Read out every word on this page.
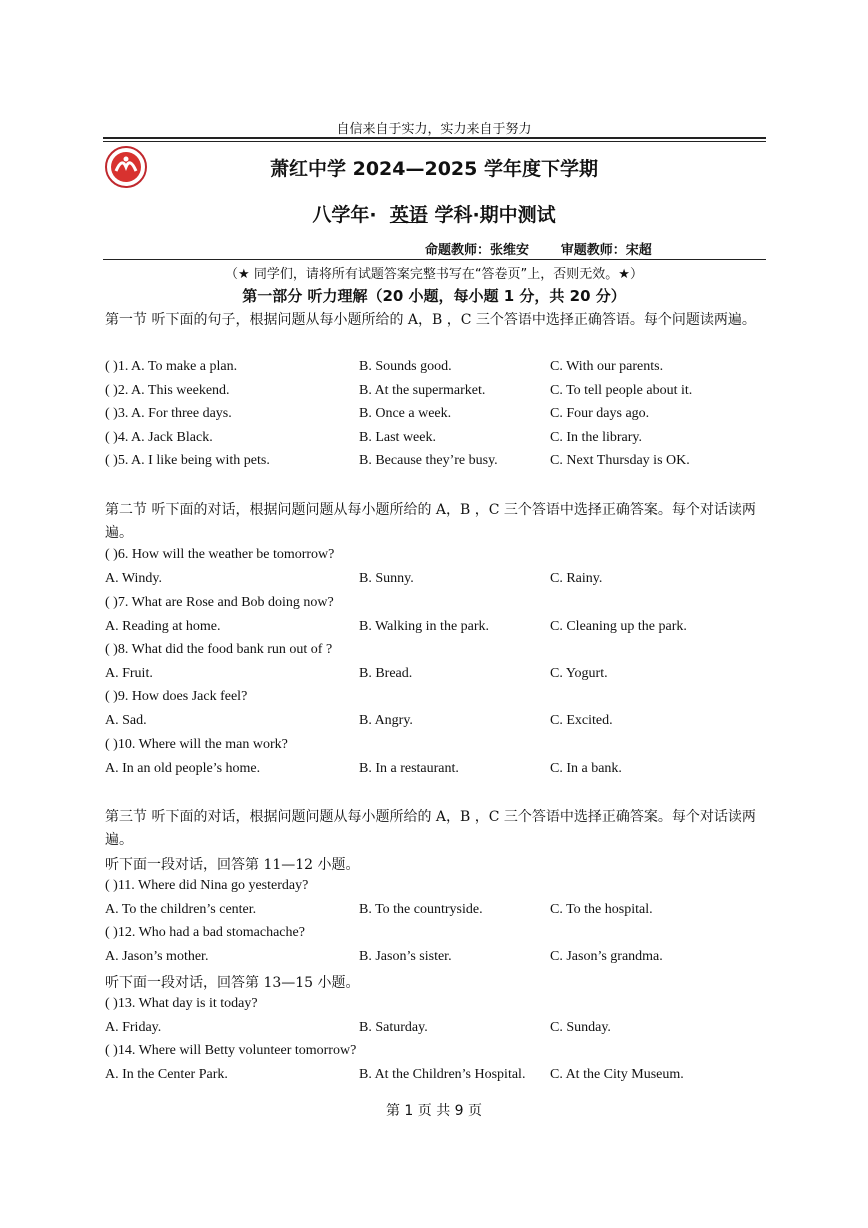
自信来自于实力，实力来自于努力
萧红中学 2024—2025 学年度下学期
八学年· 英语 学科·期中测试
命题教师：张维安 审题教师：宋超
（★ 同学们，请将所有试题答案完整书写在“答卷页”上，否则无效。★）
第一部分 听力理解（20 小题，每小题 1 分，共 20 分）
第一节 听下面的句子，根据问题从每小题所给的 A，B ，C 三个答语中选择正确答语。每个问题读两遍。
( )1. A. To make a plan.	B. Sounds good.	C. With our parents.
( )2. A. This weekend.	B. At the supermarket.	C. To tell people about it.
( )3. A. For three days.	B. Once a week.	C. Four days ago.
( )4. A. Jack Black.	B. Last week.	C. In the library.
( )5. A. I like being with pets.	B. Because they’re busy.	C. Next Thursday is OK.
第二节 听下面的对话，根据问题问题从每小题所给的 A，B ，C 三个答语中选择正确答案。每个对话读两遍。
( )6. How will the weather be tomorrow?
A. Windy.	B. Sunny.	C. Rainy.
( )7. What are Rose and Bob doing now?
A. Reading at home.	B. Walking in the park.	C. Cleaning up the park.
( )8. What did the food bank run out of ?
A. Fruit.	B. Bread.	C. Yogurt.
( )9. How does Jack feel?
A. Sad.	B. Angry.	C. Excited.
( )10. Where will the man work?
A. In an old people’s home.	B. In a restaurant.	C. In a bank.
第三节 听下面的对话，根据问题问题从每小题所给的 A，B ，C 三个答语中选择正确答案。每个对话读两遍。
听下面一段对话，回答第 11—12 小题。
( )11. Where did Nina go yesterday?
A. To the children’s center.	B. To the countryside.	C. To the hospital.
( )12. Who had a bad stomachache?
A. Jason’s mother.	B. Jason’s sister.	C. Jason’s grandma.
听下面一段对话，回答第 13—15 小题。
( )13. What day is it today?
A. Friday.	B. Saturday.	C. Sunday.
( )14. Where will Betty volunteer tomorrow?
A. In the Center Park.	B. At the Children’s Hospital. C. At the City Museum.
第 1 页 共 9 页
